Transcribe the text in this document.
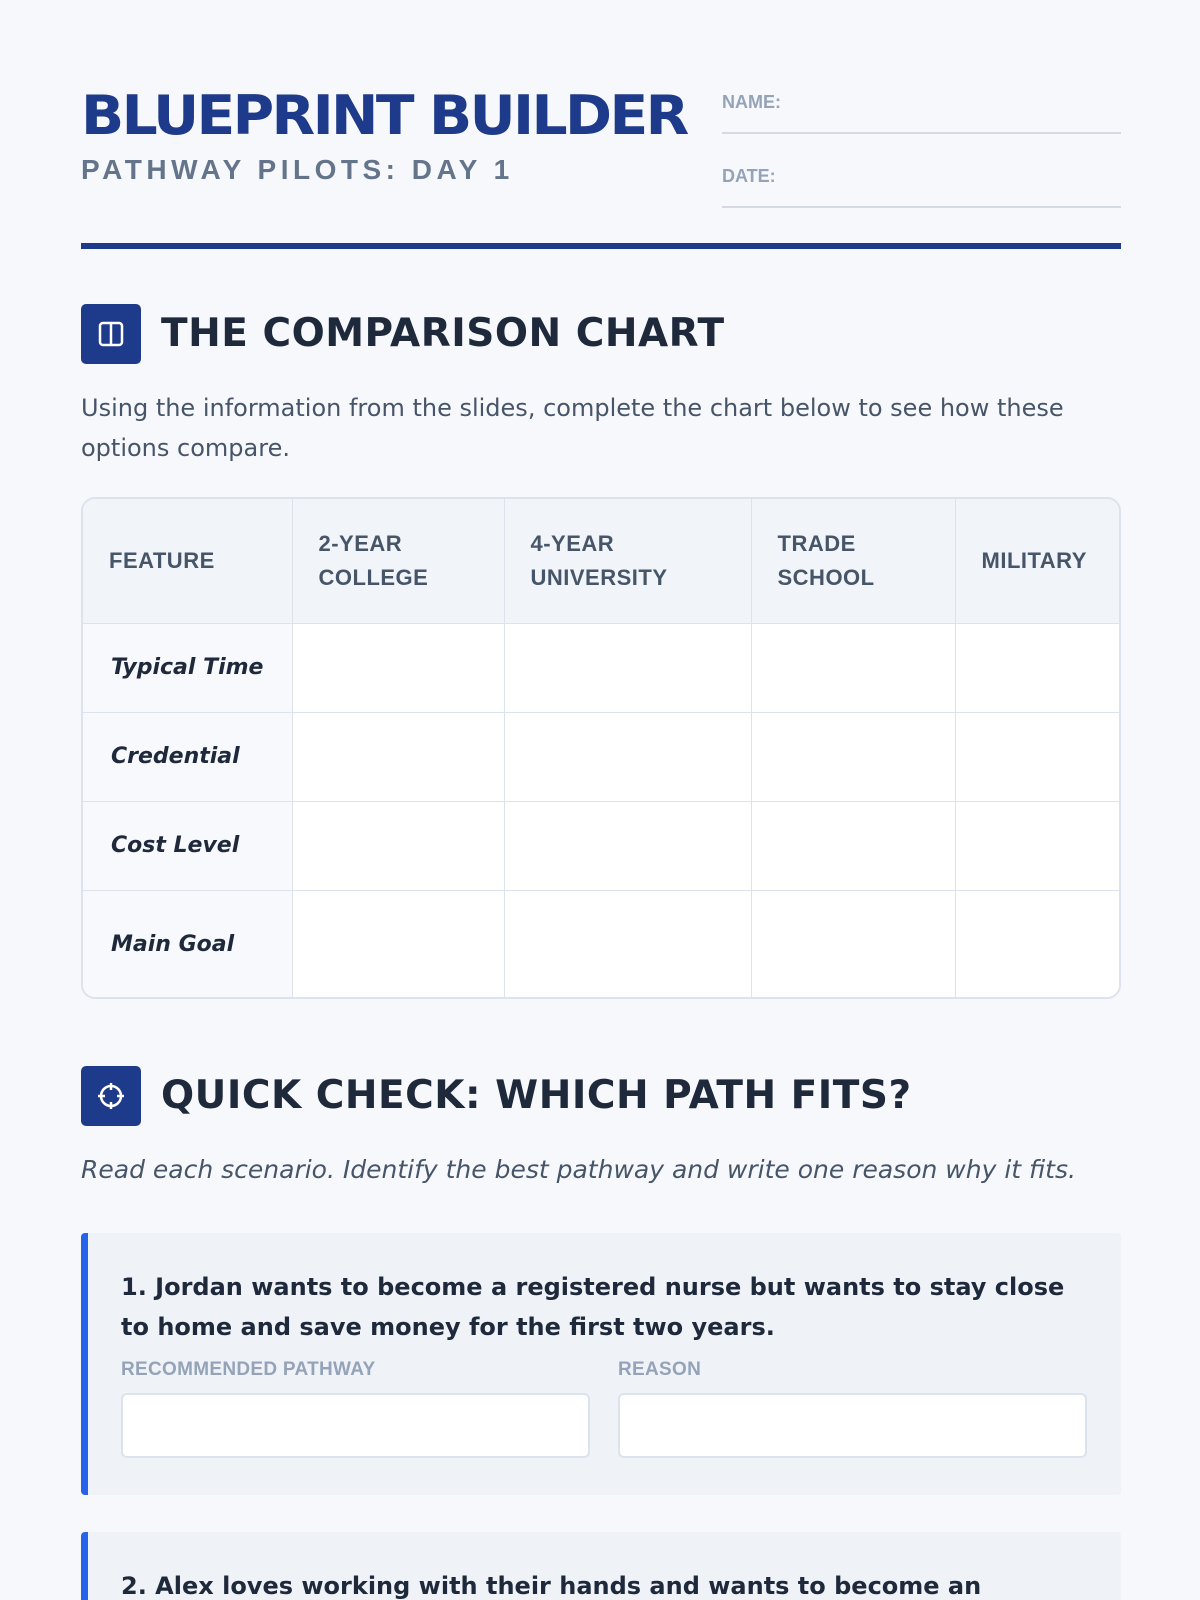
BLUEPRINT BUILDER
PATHWAY PILOTS: DAY 1
NAME:
DATE:
THE COMPARISON CHART
Using the information from the slides, complete the chart below to see how these options compare.
FEATURE	2-YEAR COLLEGE	4-YEAR UNIVERSITY	TRADE SCHOOL	MILITARY
Typical Time				
Credential				
Cost Level				
Main Goal				
QUICK CHECK: WHICH PATH FITS?
Read each scenario. Identify the best pathway and write one reason why it fits.
1. Jordan wants to become a registered nurse but wants to stay close to home and save money for the first two years.
RECOMMENDED PATHWAY	REASON
2. Alex loves working with their hands and wants to become an
